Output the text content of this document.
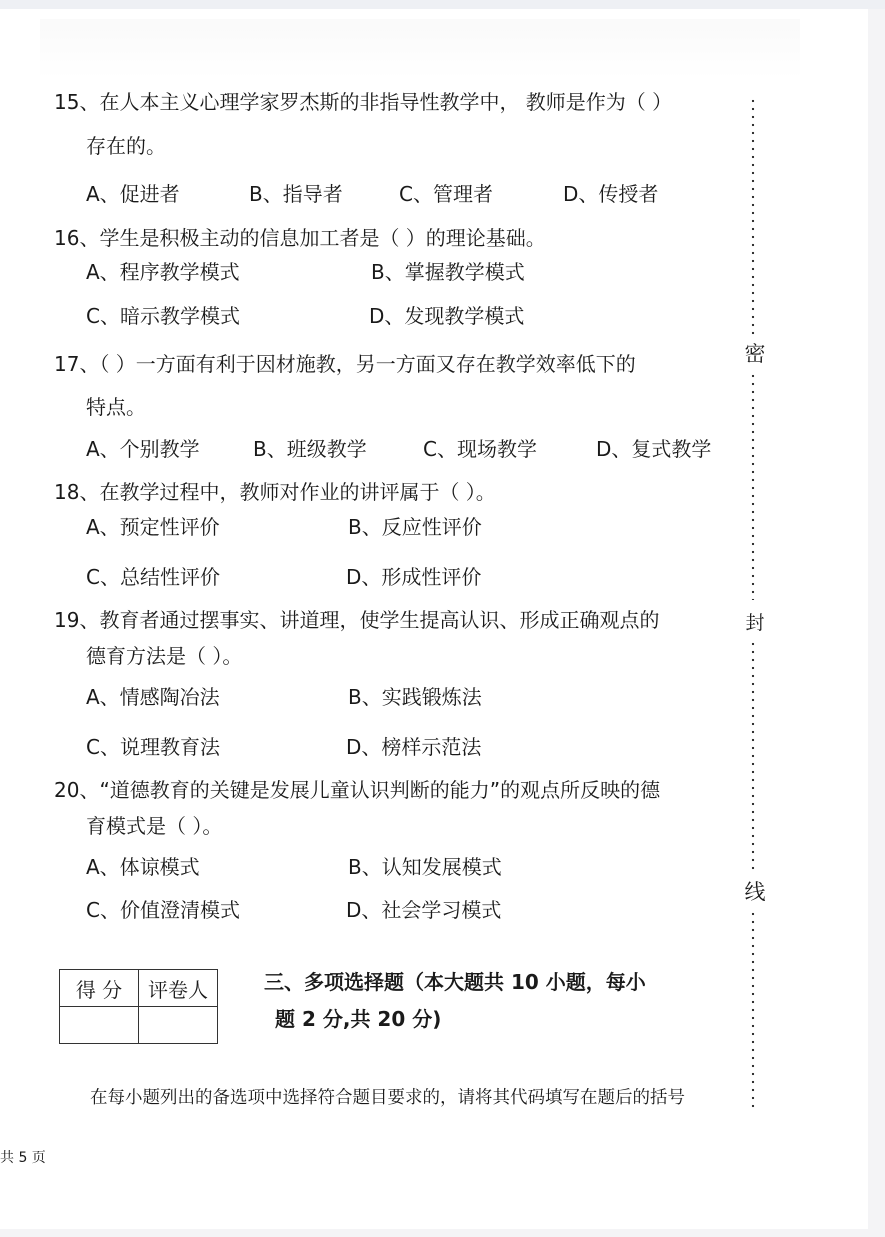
15、在人本主义心理学家罗杰斯的非指导性教学中， 教师是作为（ ）
存在的。
A、促进者	B、指导者	C、管理者	D、传授者
16、学生是积极主动的信息加工者是（ ）的理论基础。
A、程序教学模式	B、掌握教学模式
C、暗示教学模式	D、发现教学模式
17、（ ）一方面有利于因材施教，另一方面又存在教学效率低下的
特点。
A、个别教学	B、班级教学	C、现场教学	D、复式教学
18、在教学过程中，教师对作业的讲评属于（ ）。
A、预定性评价	B、反应性评价
C、总结性评价	D、形成性评价
19、教育者通过摆事实、讲道理，使学生提高认识、形成正确观点的
德育方法是（ ）。
A、情感陶冶法	B、实践锻炼法
C、说理教育法	D、榜样示范法
20、“道德教育的关键是发展儿童认识判断的能力”的观点所反映的德
育模式是（ ）。
A、体谅模式	B、认知发展模式
C、价值澄清模式	D、社会学习模式
得 分	评卷人
		三、多项选择题（本大题共 10 小题，每小
题 2 分,共 20 分)
在每小题列出的备选项中选择符合题目要求的，请将其代码填写在题后的括号
密
封
线
共 5 页
